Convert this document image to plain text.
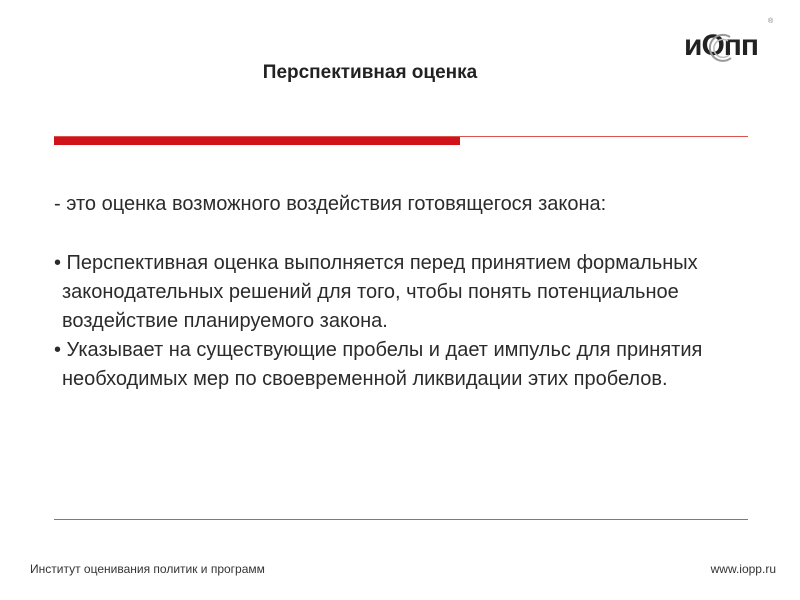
иОпп
®
Перспективная оценка

- это оценка возможного воздействия готовящегося закона:

• Перспективная оценка выполняется перед принятием формальных законодательных решений для того, чтобы понять потенциальное воздействие планируемого закона.

• Указывает на существующие пробелы и дает импульс для принятия необходимых мер по своевременной ликвидации этих пробелов.

Институт оценивания политик и программ	www.iopp.ru
